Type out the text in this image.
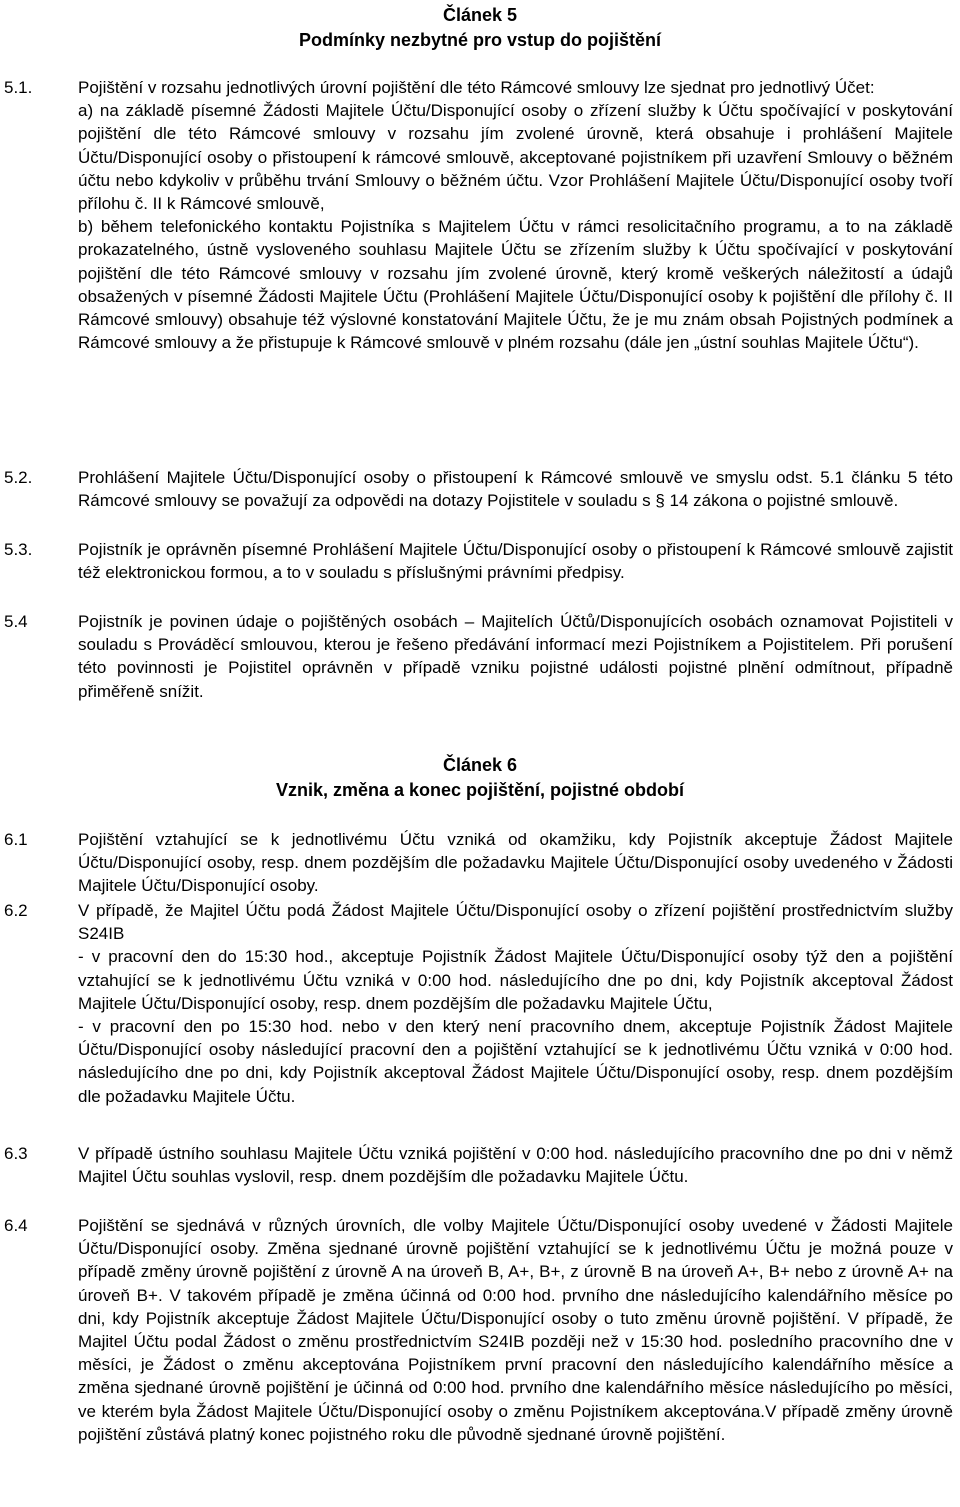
Článek 5

Podmínky nezbytné pro vstup do pojištění

5.1.	Pojištění v rozsahu jednotlivých úrovní pojištění dle této Rámcové smlouvy lze sjednat pro jednotlivý Účet:

a) na základě písemné Žádosti Majitele Účtu/Disponující osoby o zřízení služby k Účtu spočívající v poskytování pojištění dle této Rámcové smlouvy v rozsahu jím zvolené úrovně, která obsahuje i prohlášení Majitele Účtu/Disponující osoby o přistoupení k rámcové smlouvě, akceptované pojistníkem při uzavření Smlouvy o běžném účtu nebo kdykoliv v průběhu trvání Smlouvy o běžném účtu. Vzor Prohlášení Majitele Účtu/Disponující osoby tvoří přílohu č. II k Rámcové smlouvě,

b) během telefonického kontaktu Pojistníka s Majitelem Účtu v rámci resolicitačního programu, a to na základě prokazatelného, ústně vysloveného souhlasu Majitele Účtu se zřízením služby k Účtu spočívající v poskytování pojištění dle této Rámcové smlouvy v rozsahu jím zvolené úrovně, který kromě veškerých náležitostí a údajů obsažených v písemné Žádosti Majitele Účtu (Prohlášení Majitele Účtu/Disponující osoby k pojištění dle přílohy č. II Rámcové smlouvy) obsahuje též výslovné konstatování Majitele Účtu, že je mu znám obsah Pojistných podmínek a Rámcové smlouvy a že přistupuje k Rámcové smlouvě v plném rozsahu (dále jen „ústní souhlas Majitele Účtu“).

5.2.	Prohlášení Majitele Účtu/Disponující osoby o přistoupení k Rámcové smlouvě ve smyslu odst. 5.1 článku 5 této Rámcové smlouvy se považují za odpovědi na dotazy Pojistitele v souladu s § 14 zákona o pojistné smlouvě.

5.3.	Pojistník je oprávněn písemné Prohlášení Majitele Účtu/Disponující osoby o přistoupení k Rámcové smlouvě zajistit též elektronickou formou, a to v souladu s příslušnými právními předpisy.

5.4	Pojistník je povinen údaje o pojištěných osobách – Majitelích Účtů/Disponujících osobách oznamovat Pojistiteli v souladu s Prováděcí smlouvou, kterou je řešeno předávání informací mezi Pojistníkem a Pojistitelem. Při porušení této povinnosti je Pojistitel oprávněn v případě vzniku pojistné události pojistné plnění odmítnout, případně přiměřeně snížit.

Článek 6

Vznik, změna a konec pojištění, pojistné období

6.1	Pojištění vztahující se k jednotlivému Účtu vzniká od okamžiku, kdy Pojistník akceptuje Žádost Majitele Účtu/Disponující osoby, resp. dnem pozdějším dle požadavku Majitele Účtu/Disponující osoby uvedeného v Žádosti Majitele Účtu/Disponující osoby.

6.2	V případě, že Majitel Účtu podá Žádost Majitele Účtu/Disponující osoby o zřízení pojištění prostřednictvím služby S24IB

- v pracovní den do 15:30 hod., akceptuje Pojistník Žádost Majitele Účtu/Disponující osoby týž den a pojištění vztahující se k jednotlivému Účtu vzniká v 0:00 hod. následujícího dne po dni, kdy Pojistník akceptoval Žádost Majitele Účtu/Disponující osoby, resp. dnem pozdějším dle požadavku Majitele Účtu,

- v pracovní den po 15:30 hod. nebo v den který není pracovního dnem, akceptuje Pojistník Žádost Majitele Účtu/Disponující osoby následující pracovní den a pojištění vztahující se k jednotlivému Účtu vzniká v 0:00 hod. následujícího dne po dni, kdy Pojistník akceptoval Žádost Majitele Účtu/Disponující osoby, resp. dnem pozdějším dle požadavku Majitele Účtu.

6.3	V případě ústního souhlasu Majitele Účtu vzniká pojištění v 0:00 hod. následujícího pracovního dne po dni v němž Majitel Účtu souhlas vyslovil, resp. dnem pozdějším dle požadavku Majitele Účtu.

6.4	Pojištění se sjednává v různých úrovních, dle volby Majitele Účtu/Disponující osoby uvedené v Žádosti Majitele Účtu/Disponující osoby. Změna sjednané úrovně pojištění vztahující se k jednotlivému Účtu je možná pouze v případě změny úrovně pojištění z úrovně A na úroveň B, A+, B+, z úrovně B na úroveň A+, B+ nebo z úrovně A+ na úroveň B+. V takovém případě je změna účinná od 0:00 hod. prvního dne následujícího kalendářního měsíce po dni, kdy Pojistník akceptuje Žádost Majitele Účtu/Disponující osoby o tuto změnu úrovně pojištění. V případě, že Majitel Účtu podal Žádost o změnu prostřednictvím S24IB později než v 15:30 hod. posledního pracovního dne v měsíci, je Žádost o změnu akceptována Pojistníkem první pracovní den následujícího kalendářního měsíce a změna sjednané úrovně pojištění je účinná od 0:00 hod. prvního dne kalendářního měsíce následujícího po měsíci, ve kterém byla Žádost Majitele Účtu/Disponující osoby o změnu Pojistníkem akceptována.V případě změny úrovně pojištění zůstává platný konec pojistného roku dle původně sjednané úrovně pojištění.
